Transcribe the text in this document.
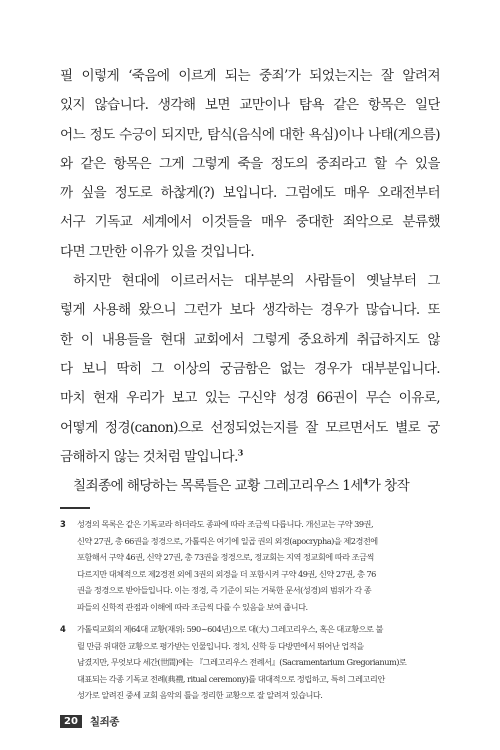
필 이렇게 ‘죽음에 이르게 되는 중죄’가 되었는지는 잘 알려져
있지 않습니다. 생각해 보면 교만이나 탐욕 같은 항목은 일단
어느 정도 수긍이 되지만, 탐식(음식에 대한 욕심)이나 나태(게으름)
와 같은 항목은 그게 그렇게 죽을 정도의 중죄라고 할 수 있을
까 싶을 정도로 하찮게(?) 보입니다. 그럼에도 매우 오래전부터
서구 기독교 세계에서 이것들을 매우 중대한 죄악으로 분류했
다면 그만한 이유가 있을 것입니다.
하지만 현대에 이르러서는 대부분의 사람들이 옛날부터 그
렇게 사용해 왔으니 그런가 보다 생각하는 경우가 많습니다. 또
한 이 내용들을 현대 교회에서 그렇게 중요하게 취급하지도 않
다 보니 딱히 그 이상의 궁금함은 없는 경우가 대부분입니다.
마치 현재 우리가 보고 있는 구신약 성경 66권이 무슨 이유로,
어떻게 정경(canon)으로 선정되었는지를 잘 모르면서도 별로 궁
금해하지 않는 것처럼 말입니다.$^3$
칠죄종에 해당하는 목록들은 교황 그레고리우스 1세$^4$가 창작
3 성경의 목록은 같은 기독교라 하더라도 종파에 따라 조금씩 다릅니다. 개신교는 구약 39권,
신약 27권, 총 66권을 정경으로, 가톨릭은 여기에 일곱 권의 외경(apocrypha)을 제2경전에
포함해서 구약 46권, 신약 27권, 총 73권을 정경으로, 정교회는 지역 정교회에 따라 조금씩
다르지만 대체적으로 제2경전 외에 3권의 외경을 더 포함시켜 구약 49권, 신약 27권, 총 76
권을 정경으로 받아들입니다. 이는 정경, 즉 기준이 되는 거룩한 문서(성경)의 범위가 각 종
파들의 신학적 관점과 이해에 따라 조금씩 다를 수 있음을 보여 줍니다.
4 가톨릭교회의 제64대 교황(재위: 590~604년)으로 대(大) 그레고리우스, 혹은 대교황으로 불
릴 만큼 위대한 교황으로 평가받는 인물입니다. 정치, 신학 등 다방면에서 뛰어난 업적을
남겼지만, 무엇보다 세간(世間)에는 『그레고리우스 전례서』(Sacramentarium Gregorianum)로
대표되는 각종 기독교 전례(典禮, ritual ceremony)를 대대적으로 정립하고, 특히 그레고리안
성가로 알려진 중세 교회 음악의 틀을 정리한 교황으로 잘 알려져 있습니다.
20	칠죄종
